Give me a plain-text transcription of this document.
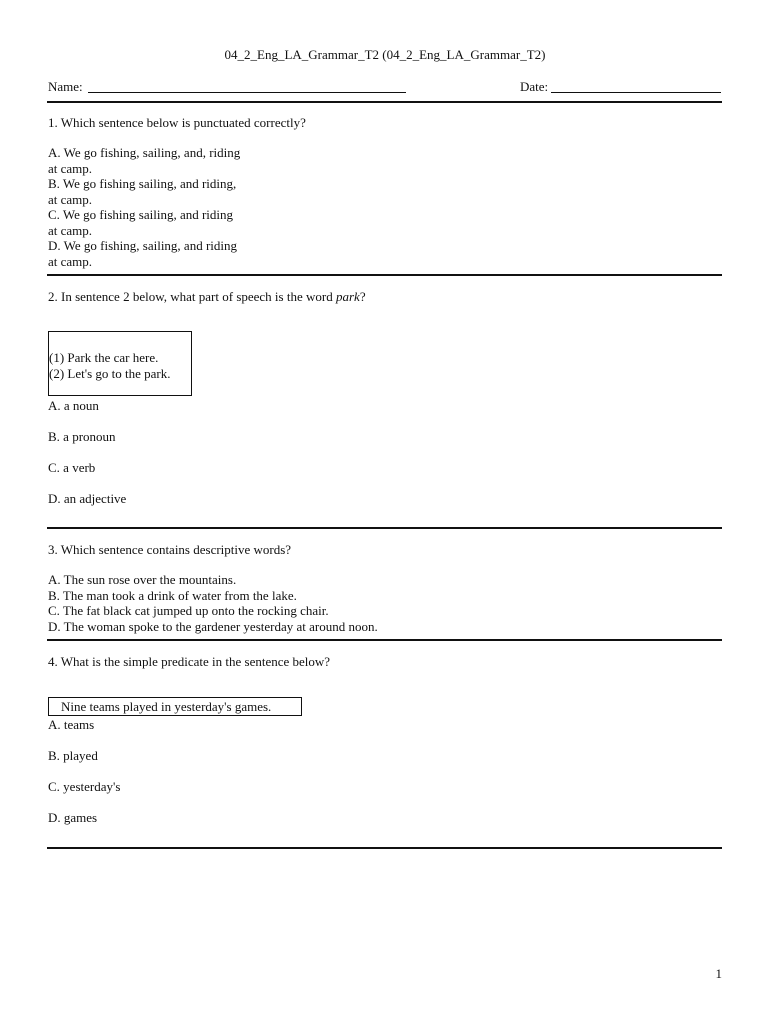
04_2_Eng_LA_Grammar_T2 (04_2_Eng_LA_Grammar_T2)
Name:	Date:
1. Which sentence below is punctuated correctly?
A. We go fishing, sailing, and, riding
at camp.
B. We go fishing sailing, and riding,
at camp.
C. We go fishing sailing, and riding
at camp.
D. We go fishing, sailing, and riding
at camp.
2. In sentence 2 below, what part of speech is the word park?
(1) Park the car here.
(2) Let's go to the park.
A. a noun
B. a pronoun
C. a verb
D. an adjective
3. Which sentence contains descriptive words?
A. The sun rose over the mountains.
B. The man took a drink of water from the lake.
C. The fat black cat jumped up onto the rocking chair.
D. The woman spoke to the gardener yesterday at around noon.
4. What is the simple predicate in the sentence below?
Nine teams played in yesterday's games.
A. teams
B. played
C. yesterday's
D. games
1
